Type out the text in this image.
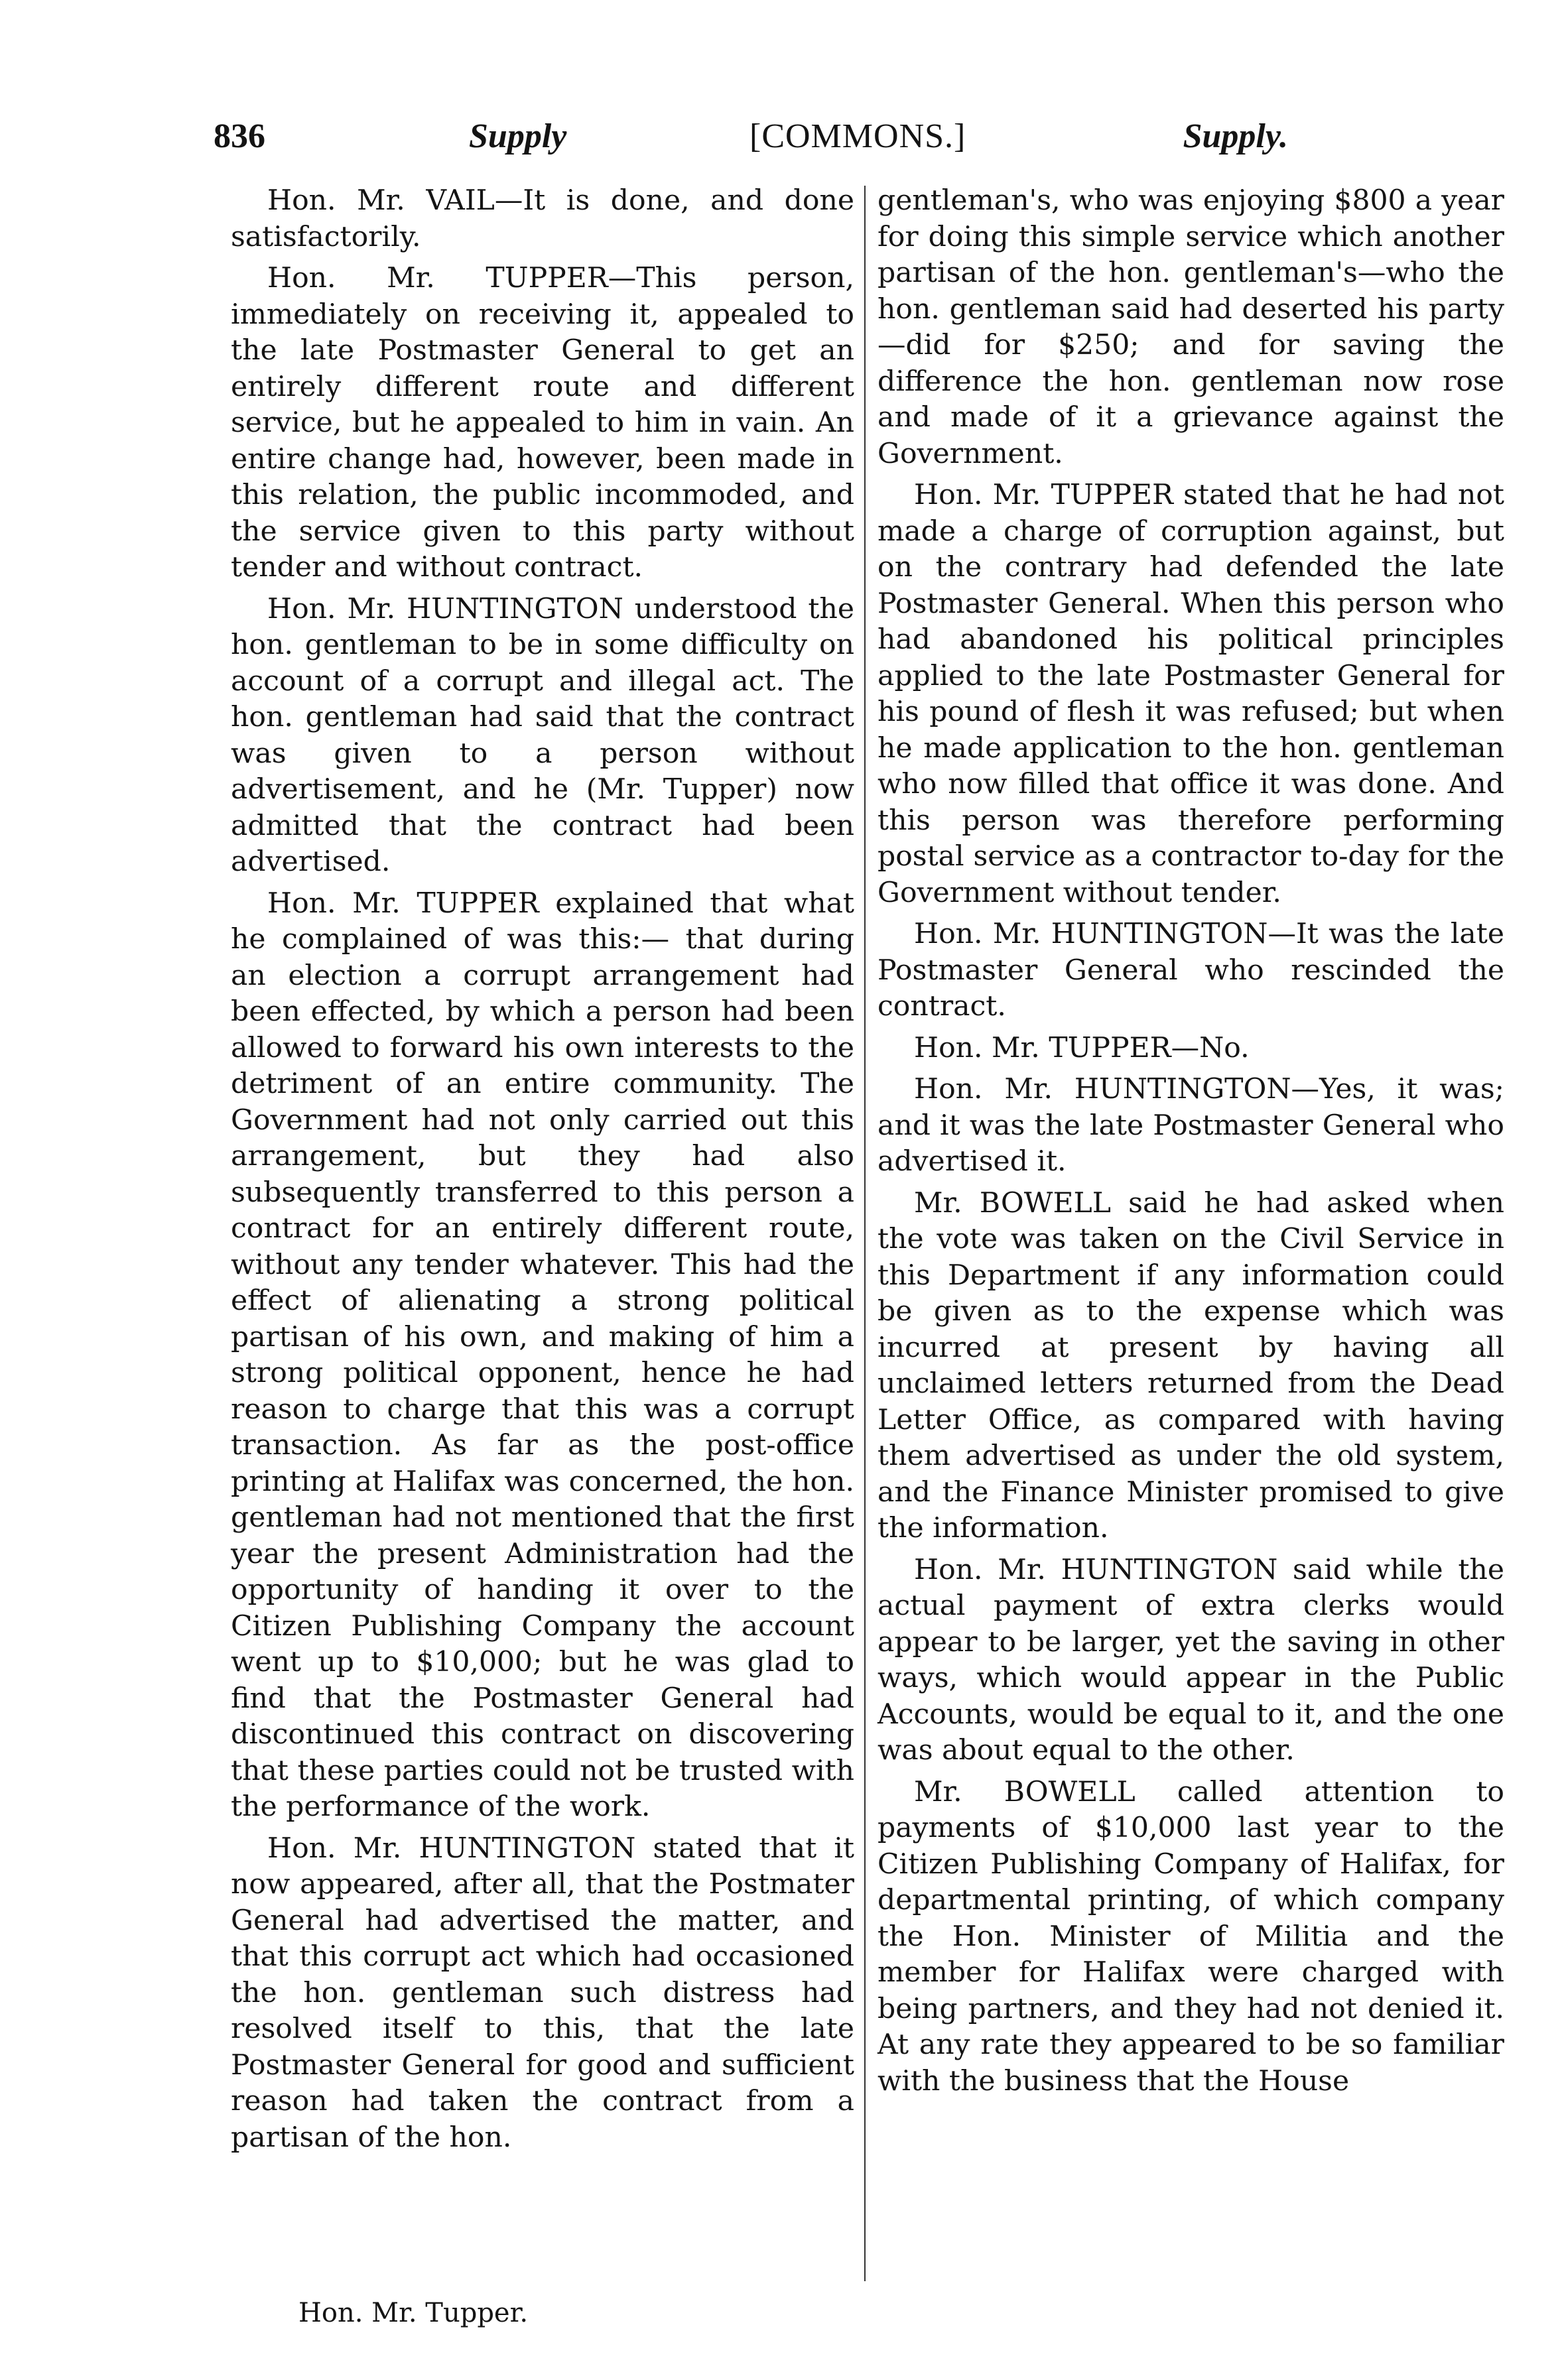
836	Supply	[COMMONS.]	Supply.

Hon. Mr. VAIL—It is done, and done satisfactorily.

Hon. Mr. TUPPER—This person, immediately on receiving it, appealed to the late Postmaster General to get an entirely different route and different service, but he appealed to him in vain. An entire change had, however, been made in this relation, the public incommoded, and the service given to this party without tender and without contract.

Hon. Mr. HUNTINGTON understood the hon. gentleman to be in some difficulty on account of a corrupt and illegal act. The hon. gentleman had said that the contract was given to a person without advertisement, and he (Mr. Tupper) now admitted that the contract had been advertised.

Hon. Mr. TUPPER explained that what he complained of was this:— that during an election a corrupt arrangement had been effected, by which a person had been allowed to forward his own interests to the detriment of an entire community. The Government had not only carried out this arrangement, but they had also subsequently transferred to this person a contract for an entirely different route, without any tender whatever. This had the effect of alienating a strong political partisan of his own, and making of him a strong political opponent, hence he had reason to charge that this was a corrupt transaction. As far as the post-office printing at Halifax was concerned, the hon. gentleman had not mentioned that the first year the present Administration had the opportunity of handing it over to the Citizen Publishing Company the account went up to $10,000; but he was glad to find that the Postmaster General had discontinued this contract on discovering that these parties could not be trusted with the performance of the work.

Hon. Mr. HUNTINGTON stated that it now appeared, after all, that the Postmater General had advertised the matter, and that this corrupt act which had occasioned the hon. gentleman such distress had resolved itself to this, that the late Postmaster General for good and sufficient reason had taken the contract from a partisan of the hon.

gentleman's, who was enjoying $800 a year for doing this simple service which another partisan of the hon. gentleman's—who the hon. gentleman said had deserted his party—did for $250; and for saving the difference the hon. gentleman now rose and made of it a grievance against the Government.

Hon. Mr. TUPPER stated that he had not made a charge of corruption against, but on the contrary had defended the late Postmaster General. When this person who had abandoned his political principles applied to the late Postmaster General for his pound of flesh it was refused; but when he made application to the hon. gentleman who now filled that office it was done. And this person was therefore performing postal service as a contractor to-day for the Government without tender.

Hon. Mr. HUNTINGTON—It was the late Postmaster General who rescinded the contract.

Hon. Mr. TUPPER—No.

Hon. Mr. HUNTINGTON—Yes, it was; and it was the late Postmaster General who advertised it.

Mr. BOWELL said he had asked when the vote was taken on the Civil Service in this Department if any information could be given as to the expense which was incurred at present by having all unclaimed letters returned from the Dead Letter Office, as compared with having them advertised as under the old system, and the Finance Minister promised to give the information.

Hon. Mr. HUNTINGTON said while the actual payment of extra clerks would appear to be larger, yet the saving in other ways, which would appear in the Public Accounts, would be equal to it, and the one was about equal to the other.

Mr. BOWELL called attention to payments of $10,000 last year to the Citizen Publishing Company of Halifax, for departmental printing, of which company the Hon. Minister of Militia and the member for Halifax were charged with being partners, and they had not denied it. At any rate they appeared to be so familiar with the business that the House

Hon. Mr. Tupper.
